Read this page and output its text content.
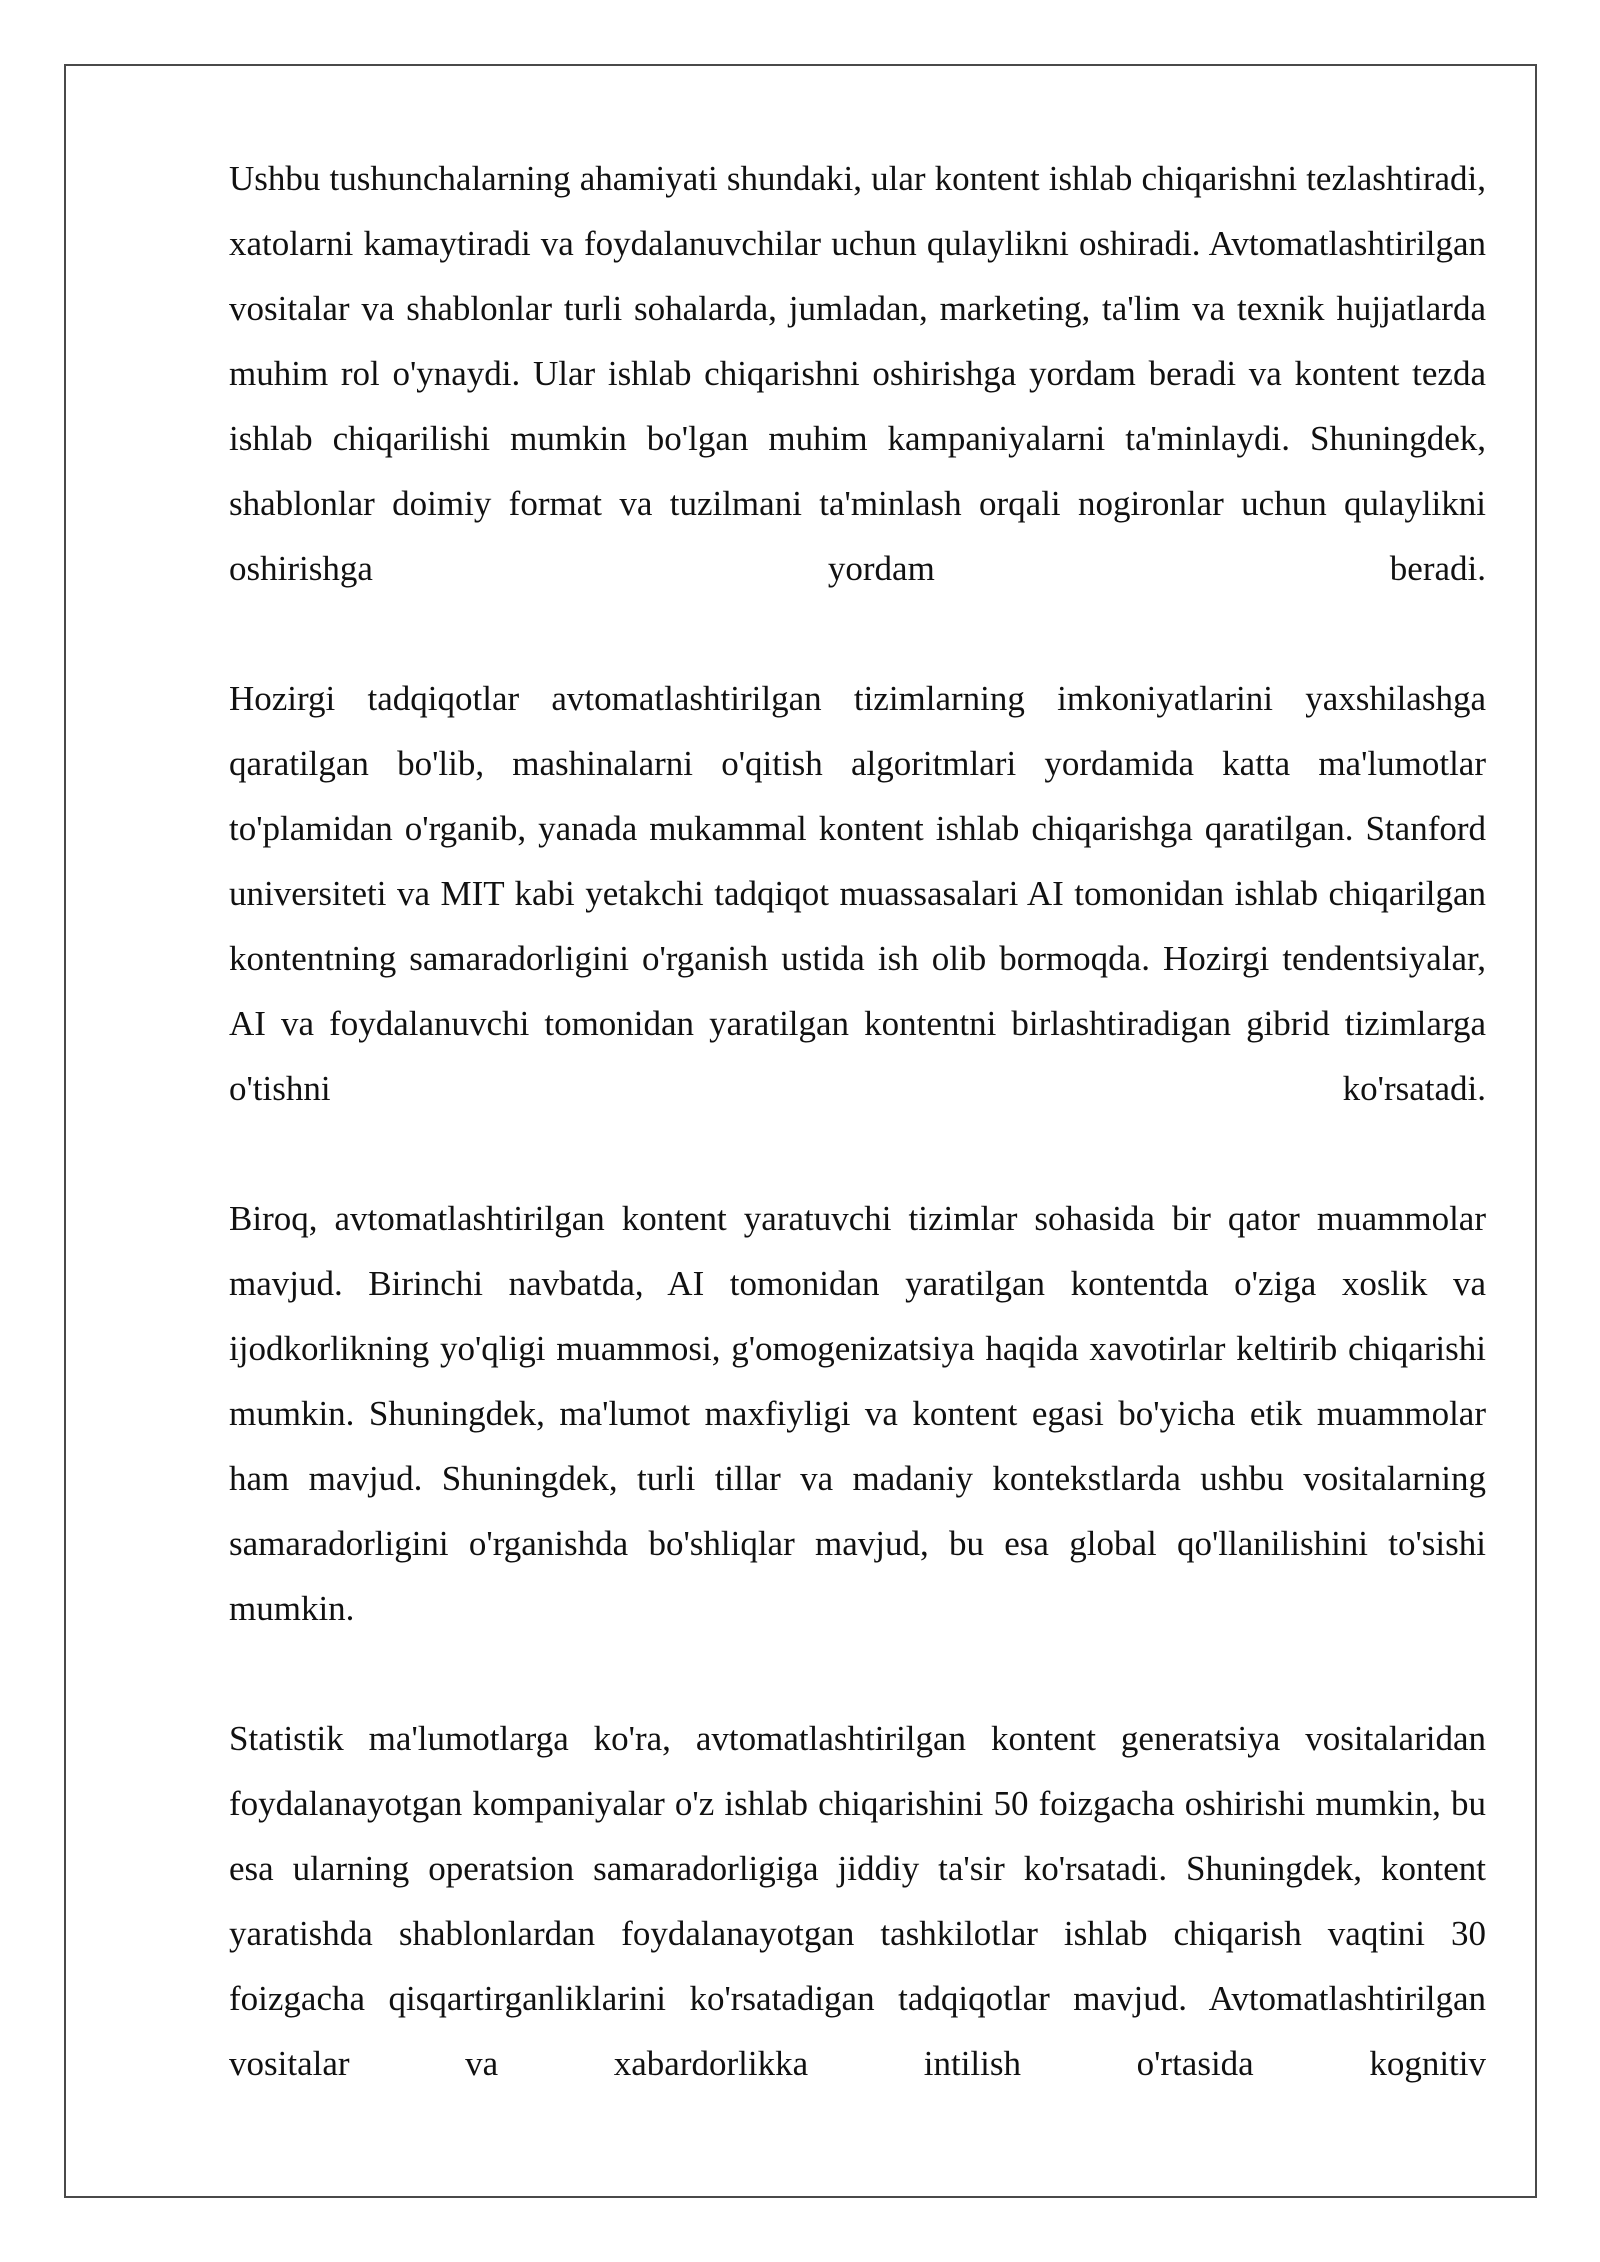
Ushbu tushunchalarning ahamiyati shundaki, ular kontent ishlab chiqarishni tezlashtiradi, xatolarni kamaytiradi va foydalanuvchilar uchun qulaylikni oshiradi. Avtomatlashtirilgan vositalar va shablonlar turli sohalarda, jumladan, marketing, ta'lim va texnik hujjatlarda muhim rol o'ynaydi. Ular ishlab chiqarishni oshirishga yordam beradi va kontent tezda ishlab chiqarilishi mumkin bo'lgan muhim kampaniyalarni ta'minlaydi. Shuningdek, shablonlar doimiy format va tuzilmani ta'minlash orqali nogironlar uchun qulaylikni oshirishga yordam beradi.

Hozirgi tadqiqotlar avtomatlashtirilgan tizimlarning imkoniyatlarini yaxshilashga qaratilgan bo'lib, mashinalarni o'qitish algoritmlari yordamida katta ma'lumotlar to'plamidan o'rganib, yanada mukammal kontent ishlab chiqarishga qaratilgan. Stanford universiteti va MIT kabi yetakchi tadqiqot muassasalari AI tomonidan ishlab chiqarilgan kontentning samaradorligini o'rganish ustida ish olib bormoqda. Hozirgi tendentsiyalar, AI va foydalanuvchi tomonidan yaratilgan kontentni birlashtiradigan gibrid tizimlarga o'tishni ko'rsatadi.

Biroq, avtomatlashtirilgan kontent yaratuvchi tizimlar sohasida bir qator muammolar mavjud. Birinchi navbatda, AI tomonidan yaratilgan kontentda o'ziga xoslik va ijodkorlikning yo'qligi muammosi, g'omogenizatsiya haqida xavotirlar keltirib chiqarishi mumkin. Shuningdek, ma'lumot maxfiyligi va kontent egasi bo'yicha etik muammolar ham mavjud. Shuningdek, turli tillar va madaniy kontekstlarda ushbu vositalarning samaradorligini o'rganishda bo'shliqlar mavjud, bu esa global qo'llanilishini to'sishi mumkin.

Statistik ma'lumotlarga ko'ra, avtomatlashtirilgan kontent generatsiya vositalaridan foydalanayotgan kompaniyalar o'z ishlab chiqarishini 50 foizgacha oshirishi mumkin, bu esa ularning operatsion samaradorligiga jiddiy ta'sir ko'rsatadi. Shuningdek, kontent yaratishda shablonlardan foydalanayotgan tashkilotlar ishlab chiqarish vaqtini 30 foizgacha qisqartirganliklarini ko'rsatadigan tadqiqotlar mavjud. Avtomatlashtirilgan vositalar va xabardorlikka intilish o'rtasida kognitiv
